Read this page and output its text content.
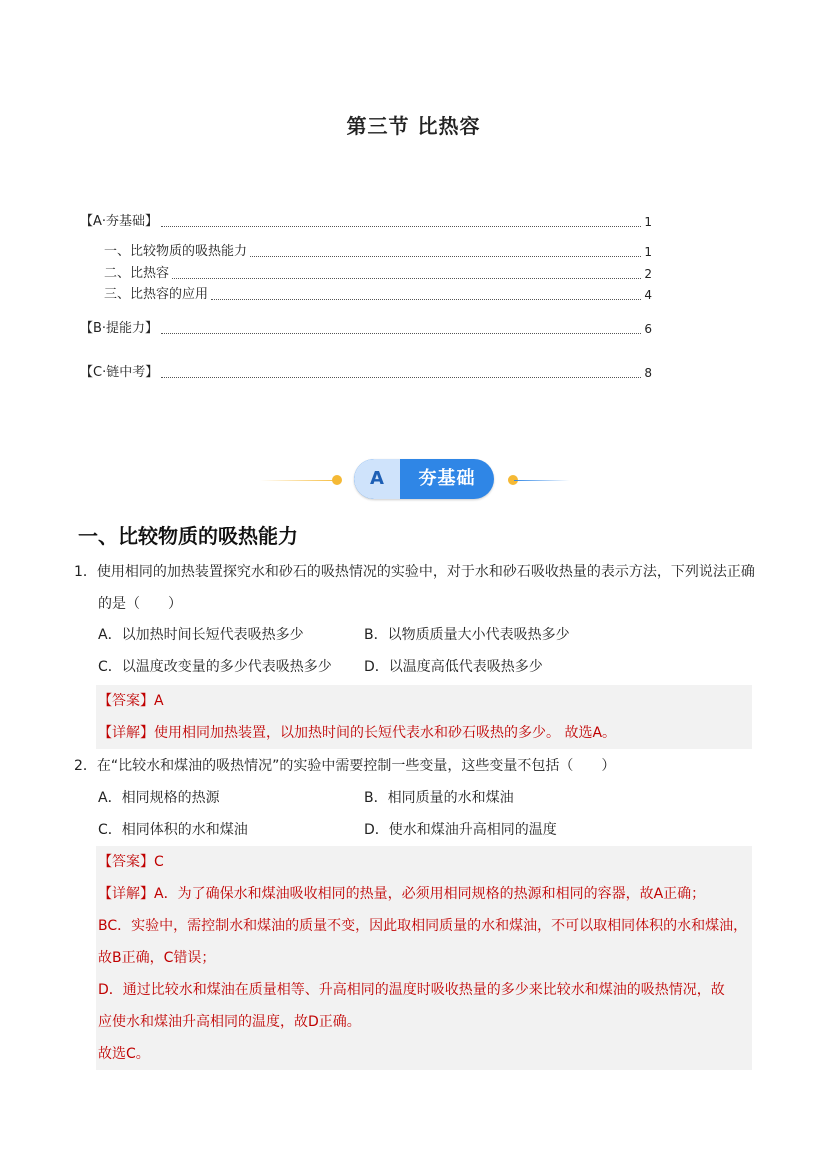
第三节 比热容
【A·夯基础】	1
一、比较物质的吸热能力	1
二、比热容	2
三、比热容的应用	4
【B·提能力】	6
【C·链中考】	8
A	夯基础
一、比较物质的吸热能力
1．使用相同的加热装置探究水和砂石的吸热情况的实验中，对于水和砂石吸收热量的表示方法，下列说法正确的是（　　）
A．以加热时间长短代表吸热多少	B．以物质质量大小代表吸热多少
C．以温度改变量的多少代表吸热多少 D．以温度高低代表吸热多少
【答案】A
【详解】使用相同加热装置，以加热时间的长短代表水和砂石吸热的多少。 故选A。
2．在“比较水和煤油的吸热情况”的实验中需要控制一些变量，这些变量不包括（　　）
A．相同规格的热源	B．相同质量的水和煤油
C．相同体积的水和煤油	D．使水和煤油升高相同的温度
【答案】C
【详解】A．为了确保水和煤油吸收相同的热量，必须用相同规格的热源和相同的容器，故A正确；
BC．实验中，需控制水和煤油的质量不变，因此取相同质量的水和煤油，不可以取相同体积的水和煤油，
故B正确，C错误；
D．通过比较水和煤油在质量相等、升高相同的温度时吸收热量的多少来比较水和煤油的吸热情况，故
应使水和煤油升高相同的温度，故D正确。
故选C。
